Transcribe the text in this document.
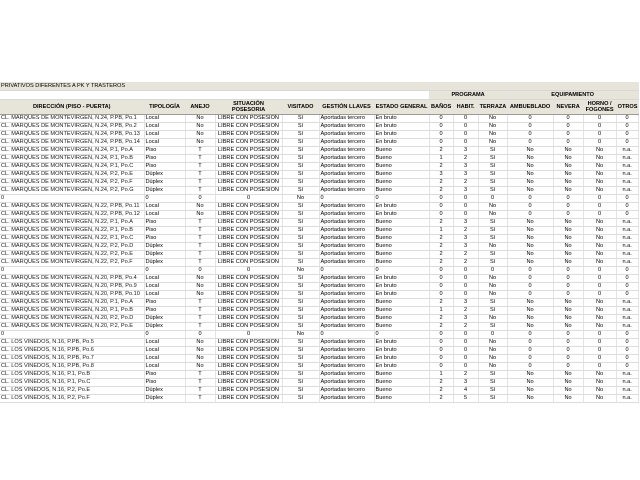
PRIVATIVOS DIFERENTES A PK Y TRASTEROS													
							PROGRAMA			EQUIPAMIENTO			
DIRECCIÓN (PISO - PUERTA)	TIPOLOGÍA	ANEJO	SITUACIÓN POSESORIA	VISITADO	GESTIÓN LLAVES	ESTADO GENERAL	BAÑOS	HABIT.	TERRAZA	AMBUEBLADO	NEVERA	HORNO / FOGONES	OTROS
CL. MARQUES DE MONTEVIRGEN, N.24, P.PB, Po.1	Local	No	LIBRE CON POSESIÓN	Sí	Aportadas tercero	En bruto	0	0	No	0	0	0	0
CL. MARQUES DE MONTEVIRGEN, N.24, P.PB, Po.2	Local	No	LIBRE CON POSESIÓN	Sí	Aportadas tercero	En bruto	0	0	No	0	0	0	0
CL. MARQUES DE MONTEVIRGEN, N.24, P.PB, Po.13	Local	No	LIBRE CON POSESIÓN	Sí	Aportadas tercero	En bruto	0	0	No	0	0	0	0
CL. MARQUES DE MONTEVIRGEN, N.24, P.PB, Po.14	Local	No	LIBRE CON POSESIÓN	Sí	Aportadas tercero	En bruto	0	0	No	0	0	0	0
CL. MARQUES DE MONTEVIRGEN, N.24, P.1, Po.A	Piso	T	LIBRE CON POSESIÓN	Sí	Aportadas tercero	Bueno	2	3	Sí	No	No	No	n.a.
CL. MARQUES DE MONTEVIRGEN, N.24, P.1, Po.B	Piso	T	LIBRE CON POSESIÓN	Sí	Aportadas tercero	Bueno	1	2	Sí	No	No	No	n.a.
CL. MARQUES DE MONTEVIRGEN, N.24, P.1, Po.C	Piso	T	LIBRE CON POSESIÓN	Sí	Aportadas tercero	Bueno	2	3	Sí	No	No	No	n.a.
CL. MARQUES DE MONTEVIRGEN, N.24, P.2, Po.E	Dúplex	T	LIBRE CON POSESIÓN	Sí	Aportadas tercero	Bueno	3	3	Sí	No	No	No	n.a.
CL. MARQUES DE MONTEVIRGEN, N.24, P.2, Po.F	Dúplex	T	LIBRE CON POSESIÓN	Sí	Aportadas tercero	Bueno	2	2	Sí	No	No	No	n.a.
CL. MARQUES DE MONTEVIRGEN, N.24, P.2, Po.G	Dúplex	T	LIBRE CON POSESIÓN	Sí	Aportadas tercero	Bueno	2	3	Sí	No	No	No	n.a.
0	0	0	0	No	0	0	0	0	0	0	0	0	0
CL. MARQUES DE MONTEVIRGEN, N.22, P.PB, Po.11	Local	No	LIBRE CON POSESIÓN	Sí	Aportadas tercero	En bruto	0	0	No	0	0	0	0
CL. MARQUES DE MONTEVIRGEN, N.22, P.PB, Po.12	Local	No	LIBRE CON POSESIÓN	Sí	Aportadas tercero	En bruto	0	0	No	0	0	0	0
CL. MARQUES DE MONTEVIRGEN, N.22, P.1, Po.A	Piso	T	LIBRE CON POSESIÓN	Sí	Aportadas tercero	Bueno	2	3	Sí	No	No	No	n.a.
CL. MARQUES DE MONTEVIRGEN, N.22, P.1, Po.B	Piso	T	LIBRE CON POSESIÓN	Sí	Aportadas tercero	Bueno	1	2	Sí	No	No	No	n.a.
CL. MARQUES DE MONTEVIRGEN, N.22, P.1, Po.C	Piso	T	LIBRE CON POSESIÓN	Sí	Aportadas tercero	Bueno	2	3	Sí	No	No	No	n.a.
CL. MARQUES DE MONTEVIRGEN, N.22, P.2, Po.D	Dúplex	T	LIBRE CON POSESIÓN	Sí	Aportadas tercero	Bueno	2	3	No	No	No	No	n.a.
CL. MARQUES DE MONTEVIRGEN, N.22, P.2, Po.E	Dúplex	T	LIBRE CON POSESIÓN	Sí	Aportadas tercero	Bueno	2	2	Sí	No	No	No	n.a.
CL. MARQUES DE MONTEVIRGEN, N.22, P.2, Po.F	Dúplex	T	LIBRE CON POSESIÓN	Sí	Aportadas tercero	Bueno	2	2	Sí	No	No	No	n.a.
0	0	0	0	No	0	0	0	0	0	0	0	0	0
CL. MARQUES DE MONTEVIRGEN, N.20, P.PB, Po.4	Local	No	LIBRE CON POSESIÓN	Sí	Aportadas tercero	En bruto	0	0	No	0	0	0	0
CL. MARQUES DE MONTEVIRGEN, N.20, P.PB, Po.9	Local	No	LIBRE CON POSESIÓN	Sí	Aportadas tercero	En bruto	0	0	No	0	0	0	0
CL. MARQUES DE MONTEVIRGEN, N.20, P.PB, Po.10	Local	No	LIBRE CON POSESIÓN	Sí	Aportadas tercero	En bruto	0	0	No	0	0	0	0
CL. MARQUES DE MONTEVIRGEN, N.20, P.1, Po.A	Piso	T	LIBRE CON POSESIÓN	Sí	Aportadas tercero	Bueno	2	3	Sí	No	No	No	n.a.
CL. MARQUES DE MONTEVIRGEN, N.20, P.1, Po.B	Piso	T	LIBRE CON POSESIÓN	Sí	Aportadas tercero	Bueno	1	2	Sí	No	No	No	n.a.
CL. MARQUES DE MONTEVIRGEN, N.20, P.2, Po.D	Dúplex	T	LIBRE CON POSESIÓN	Sí	Aportadas tercero	Bueno	2	3	No	No	No	No	n.a.
CL. MARQUES DE MONTEVIRGEN, N.20, P.2, Po.E	Dúplex	T	LIBRE CON POSESIÓN	Sí	Aportadas tercero	Bueno	2	2	Sí	No	No	No	n.a.
0	0	0	0	No	0	0	0	0	0	0	0	0	0
CL. LOS VIÑEDOS, N.16, P.PB, Po.5	Local	No	LIBRE CON POSESIÓN	Sí	Aportadas tercero	En bruto	0	0	No	0	0	0	0
CL. LOS VIÑEDOS, N.16, P.PB, Po.6	Local	No	LIBRE CON POSESIÓN	Sí	Aportadas tercero	En bruto	0	0	No	0	0	0	0
CL. LOS VIÑEDOS, N.16, P.PB, Po.7	Local	No	LIBRE CON POSESIÓN	Sí	Aportadas tercero	En bruto	0	0	No	0	0	0	0
CL. LOS VIÑEDOS, N.16, P.PB, Po.8	Local	No	LIBRE CON POSESIÓN	Sí	Aportadas tercero	En bruto	0	0	No	0	0	0	0
CL. LOS VIÑEDOS, N.16, P.1, Po.B	Piso	T	LIBRE CON POSESIÓN	Sí	Aportadas tercero	Bueno	1	2	Sí	No	No	No	n.a.
CL. LOS VIÑEDOS, N.16, P.1, Po.C	Piso	T	LIBRE CON POSESIÓN	Sí	Aportadas tercero	Bueno	2	3	Sí	No	No	No	n.a.
CL. LOS VIÑEDOS, N.16, P.2, Po.E	Dúplex	T	LIBRE CON POSESIÓN	Sí	Aportadas tercero	Bueno	2	4	Sí	No	No	No	n.a.
CL. LOS VIÑEDOS, N.16, P.2, Po.F	Dúplex	T	LIBRE CON POSESIÓN	Sí	Aportadas tercero	Bueno	2	5	Sí	No	No	No	n.a.
